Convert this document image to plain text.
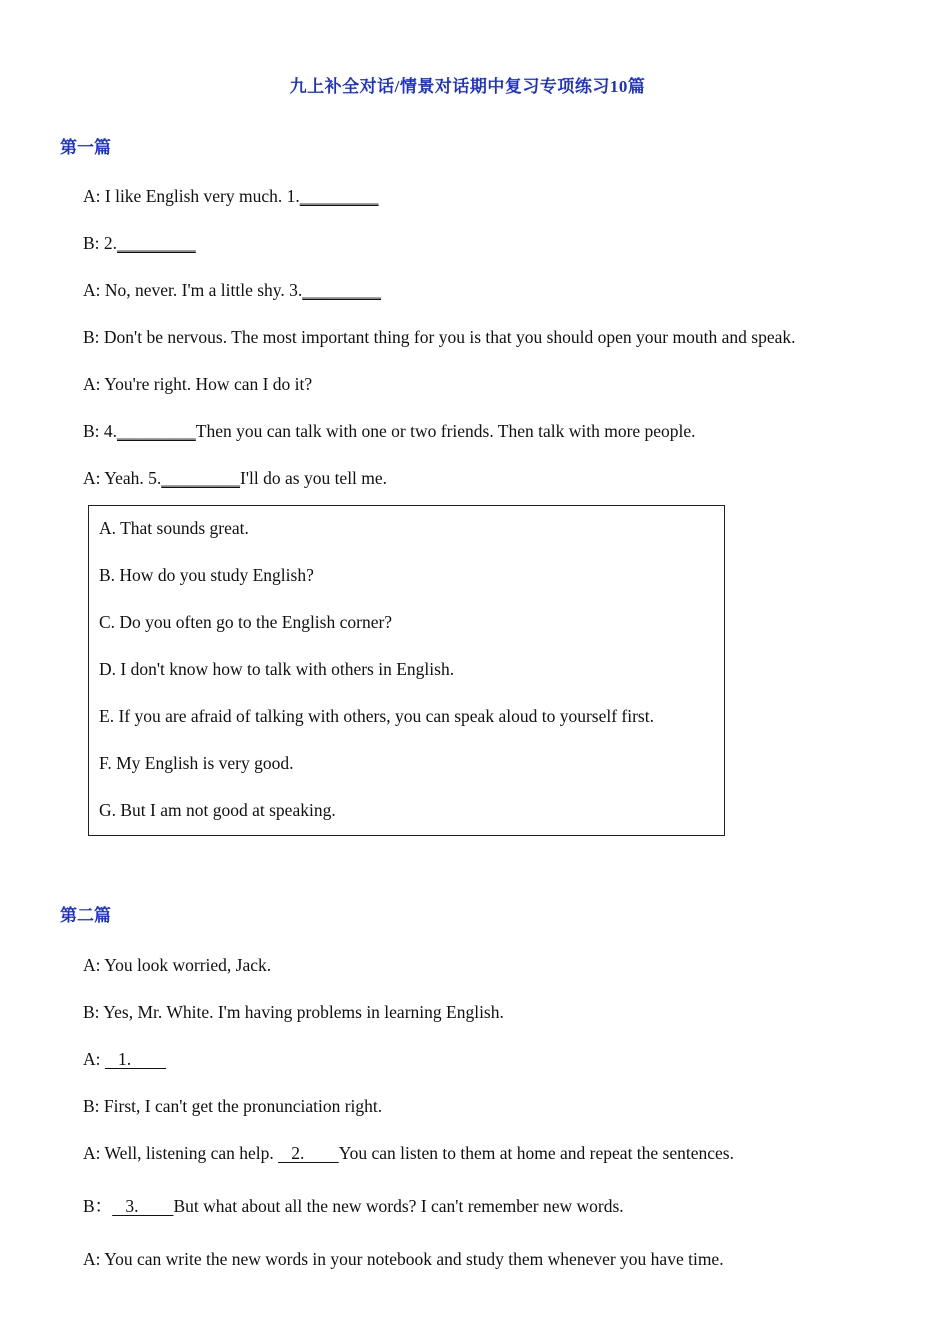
九上补全对话/情景对话期中复习专项练习10篇
第一篇
A: I like English very much. 1._________
B: 2._________
A: No, never. I'm a little shy. 3._________
B: Don't be nervous. The most important thing for you is that you should open your mouth and speak.
A: You're right. How can I do it?
B: 4._________Then you can talk with one or two friends. Then talk with more people.
A: Yeah. 5._________I'll do as you tell me.
A. That sounds great.
B. How do you study English?
C. Do you often go to the English corner?
D. I don't know how to talk with others in English.
E. If you are afraid of talking with others, you can speak aloud to yourself first.
F. My English is very good.
G. But I am not good at speaking.
第二篇
A: You look worried, Jack.
B: Yes, Mr. White. I'm having problems in learning English.
A:    1.
B: First, I can't get the pronunciation right.
A: Well, listening can help.    2.        You can listen to them at home and repeat the sentences.
B：   3.        But what about all the new words? I can't remember new words.
A: You can write the new words in your notebook and study them whenever you have time.
